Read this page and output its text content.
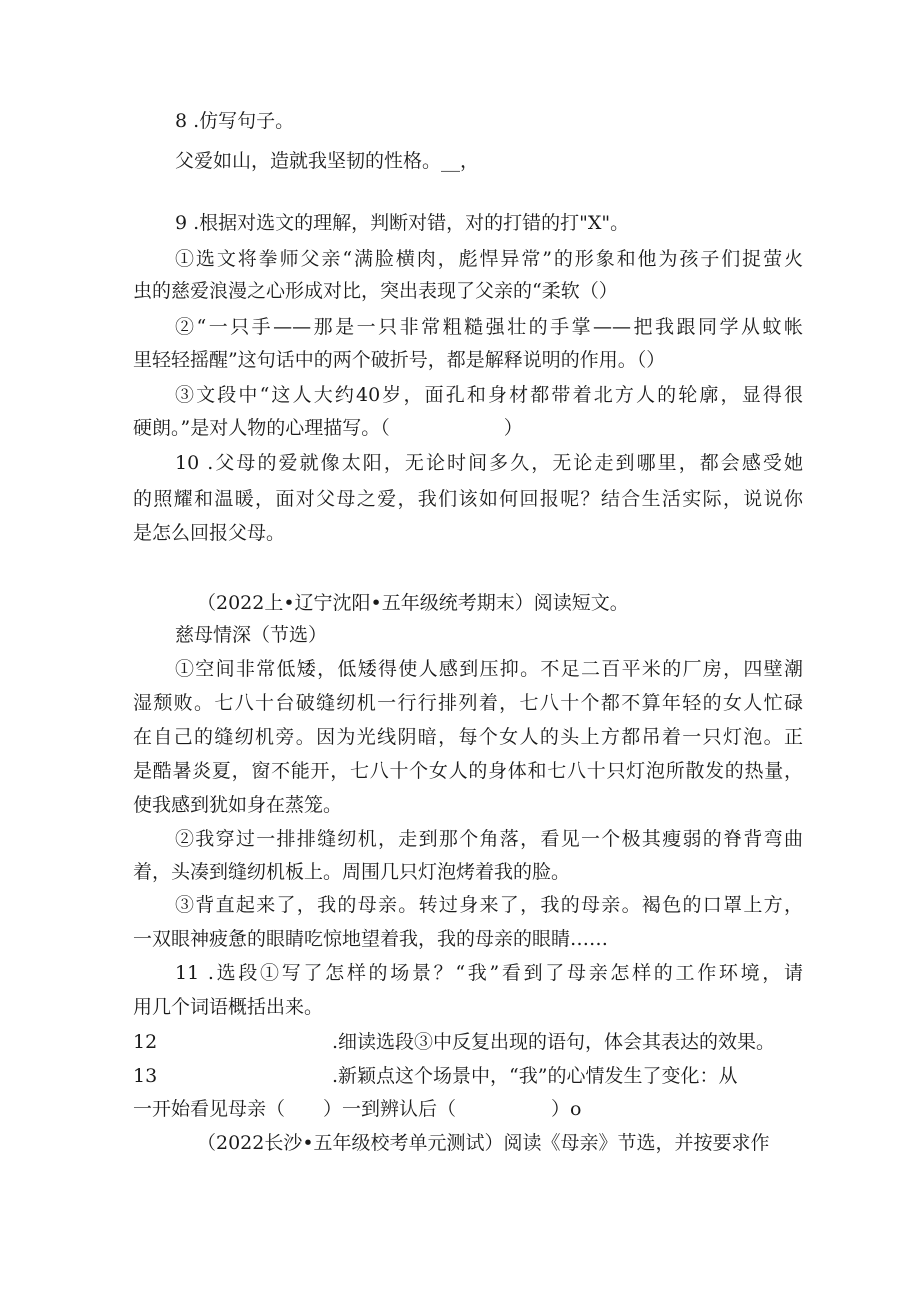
8 .仿写句子。
父爱如山，造就我坚韧的性格。__，
9 .根据对选文的理解，判断对错，对的打错的打"X"。
①选文将拳师父亲“满脸横肉，彪悍异常”的形象和他为孩子们捉萤火
虫的慈爱浪漫之心形成对比，突出表现了父亲的“柔软（）
②“一只手——那是一只非常粗糙强壮的手掌——把我跟同学从蚊帐
里轻轻摇醒”这句话中的两个破折号，都是解释说明的作用。（）
③文段中“这人大约40岁，面孔和身材都带着北方人的轮廓，显得很
硬朗。”是对人物的心理描写。（　　　　　　）
10 .父母的爱就像太阳，无论时间多久，无论走到哪里，都会感受她
的照耀和温暖，面对父母之爱，我们该如何回报呢？结合生活实际，说说你
是怎么回报父母。
（2022上•辽宁沈阳•五年级统考期末）阅读短文。
慈母情深（节选）
①空间非常低矮，低矮得使人感到压抑。不足二百平米的厂房，四壁潮
湿颓败。七八十台破缝纫机一行行排列着，七八十个都不算年轻的女人忙碌
在自己的缝纫机旁。因为光线阴暗，每个女人的头上方都吊着一只灯泡。正
是酷暑炎夏，窗不能开，七八十个女人的身体和七八十只灯泡所散发的热量，
使我感到犹如身在蒸笼。
②我穿过一排排缝纫机，走到那个角落，看见一个极其瘦弱的脊背弯曲
着，头凑到缝纫机板上。周围几只灯泡烤着我的脸。
③背直起来了，我的母亲。转过身来了，我的母亲。褐色的口罩上方，
一双眼神疲惫的眼睛吃惊地望着我，我的母亲的眼睛……
11 .选段①写了怎样的场景？“我”看到了母亲怎样的工作环境，请
用几个词语概括出来。
12	.细读选段③中反复出现的语句，体会其表达的效果。
13	.新颖点这个场景中，“我”的心情发生了变化：从
一开始看见母亲（　　）一到辨认后（　　　　　）o
（2022长沙•五年级校考单元测试）阅读《母亲》节选，并按要求作
